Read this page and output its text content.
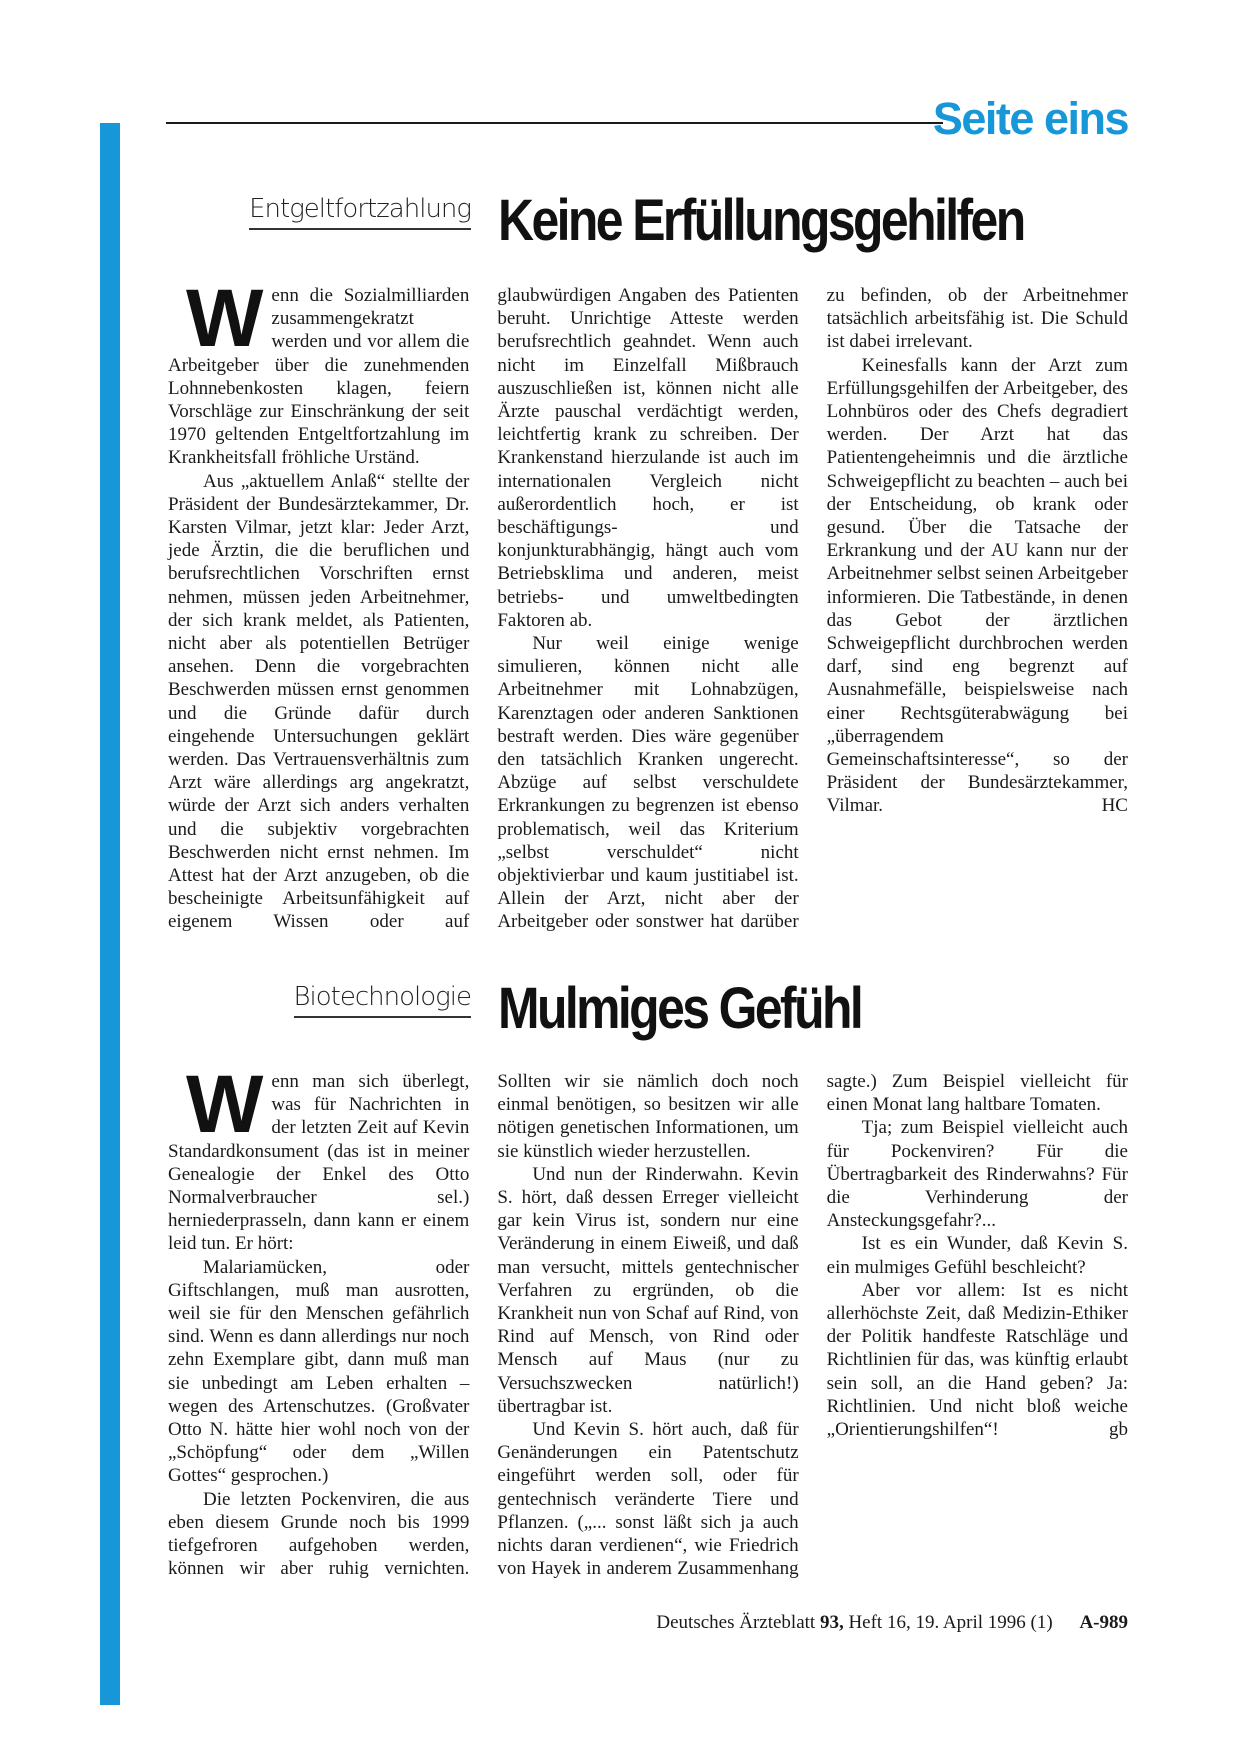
Seite eins
Entgeltfortzahlung Keine Erfüllungsgehilfen

Wenn die Sozialmilliarden zusammengekratzt werden und vor allem die Arbeitgeber über die zunehmenden Lohnnebenkosten klagen, feiern Vorschläge zur Einschränkung der seit 1970 geltenden Entgeltfortzahlung im Krankheitsfall fröhliche Urständ.

Aus „aktuellem Anlaß“ stellte der Präsident der Bundesärztekammer, Dr. Karsten Vilmar, jetzt klar: Jeder Arzt, jede Ärztin, die die beruflichen und berufsrechtlichen Vorschriften ernst nehmen, müssen jeden Arbeitnehmer, der sich krank meldet, als Patienten, nicht aber als potentiellen Betrüger ansehen. Denn die vorgebrachten Beschwerden müssen ernst genommen und die Gründe dafür durch eingehende Untersuchungen geklärt werden. Das Vertrauensverhältnis zum Arzt wäre allerdings arg angekratzt, würde der Arzt sich anders verhalten und die subjektiv vorgebrachten Beschwerden nicht ernst nehmen. Im Attest hat der Arzt anzugeben, ob die bescheinigte Arbeitsunfähigkeit auf eigenem Wissen oder auf glaubwürdigen Angaben des Patienten beruht. Unrichtige Atteste werden berufsrechtlich geahndet. Wenn auch nicht im Einzelfall Mißbrauch auszuschließen ist, können nicht alle Ärzte pauschal verdächtigt werden, leichtfertig krank zu schreiben. Der Krankenstand hierzulande ist auch im internationalen Vergleich nicht außerordentlich hoch, er ist beschäftigungs- und konjunkturabhängig, hängt auch vom Betriebsklima und anderen, meist betriebs- und umweltbedingten Faktoren ab.

Nur weil einige wenige simulieren, können nicht alle Arbeitnehmer mit Lohnabzügen, Karenztagen oder anderen Sanktionen bestraft werden. Dies wäre gegenüber den tatsächlich Kranken ungerecht. Abzüge auf selbst verschuldete Erkrankungen zu begrenzen ist ebenso problematisch, weil das Kriterium „selbst verschuldet“ nicht objektivierbar und kaum justitiabel ist. Allein der Arzt, nicht aber der Arbeitgeber oder sonstwer hat darüber zu befinden, ob der Arbeitnehmer tatsächlich arbeitsfähig ist. Die Schuld ist dabei irrelevant.

Keinesfalls kann der Arzt zum Erfüllungsgehilfen der Arbeitgeber, des Lohnbüros oder des Chefs degradiert werden. Der Arzt hat das Patientengeheimnis und die ärztliche Schweigepflicht zu beachten – auch bei der Entscheidung, ob krank oder gesund. Über die Tatsache der Erkrankung und der AU kann nur der Arbeitnehmer selbst seinen Arbeitgeber informieren. Die Tatbestände, in denen das Gebot der ärztlichen Schweigepflicht durchbrochen werden darf, sind eng begrenzt auf Ausnahmefälle, beispielsweise nach einer Rechtsgüterabwägung bei „überragendem Gemeinschaftsinteresse“, so der Präsident der Bundesärztekammer, Vilmar.	HC

Biotechnologie Mulmiges Gefühl

Wenn man sich überlegt, was für Nachrichten in der letzten Zeit auf Kevin Standardkonsument (das ist in meiner Genealogie der Enkel des Otto Normalverbraucher sel.) herniederprasseln, dann kann er einem leid tun. Er hört:

Malariamücken, oder Giftschlangen, muß man ausrotten, weil sie für den Menschen gefährlich sind. Wenn es dann allerdings nur noch zehn Exemplare gibt, dann muß man sie unbedingt am Leben erhalten – wegen des Artenschutzes. (Großvater Otto N. hätte hier wohl noch von der „Schöpfung“ oder dem „Willen Gottes“ gesprochen.)

Die letzten Pockenviren, die aus eben diesem Grunde noch bis 1999 tiefgefroren aufgehoben werden, können wir aber ruhig vernichten. Sollten wir sie nämlich doch noch einmal benötigen, so besitzen wir alle nötigen genetischen Informationen, um sie künstlich wieder herzustellen.

Und nun der Rinderwahn. Kevin S. hört, daß dessen Erreger vielleicht gar kein Virus ist, sondern nur eine Veränderung in einem Eiweiß, und daß man versucht, mittels gentechnischer Verfahren zu ergründen, ob die Krankheit nun von Schaf auf Rind, von Rind auf Mensch, von Rind oder Mensch auf Maus (nur zu Versuchszwecken natürlich!) übertragbar ist.

Und Kevin S. hört auch, daß für Genänderungen ein Patentschutz eingeführt werden soll, oder für gentechnisch veränderte Tiere und Pflanzen. („... sonst läßt sich ja auch nichts daran verdienen“, wie Friedrich von Hayek in anderem Zusammenhang sagte.) Zum Beispiel vielleicht für einen Monat lang haltbare Tomaten.

Tja; zum Beispiel vielleicht auch für Pockenviren? Für die Übertragbarkeit des Rinderwahns? Für die Verhinderung der Ansteckungsgefahr?...

Ist es ein Wunder, daß Kevin S. ein mulmiges Gefühl beschleicht?

Aber vor allem: Ist es nicht allerhöchste Zeit, daß Medizin-Ethiker der Politik handfeste Ratschläge und Richtlinien für das, was künftig erlaubt sein soll, an die Hand geben? Ja: Richtlinien. Und nicht bloß weiche „Orientierungshilfen“!	gb

Deutsches Ärzteblatt 93, Heft 16, 19. April 1996 (1) A-989
